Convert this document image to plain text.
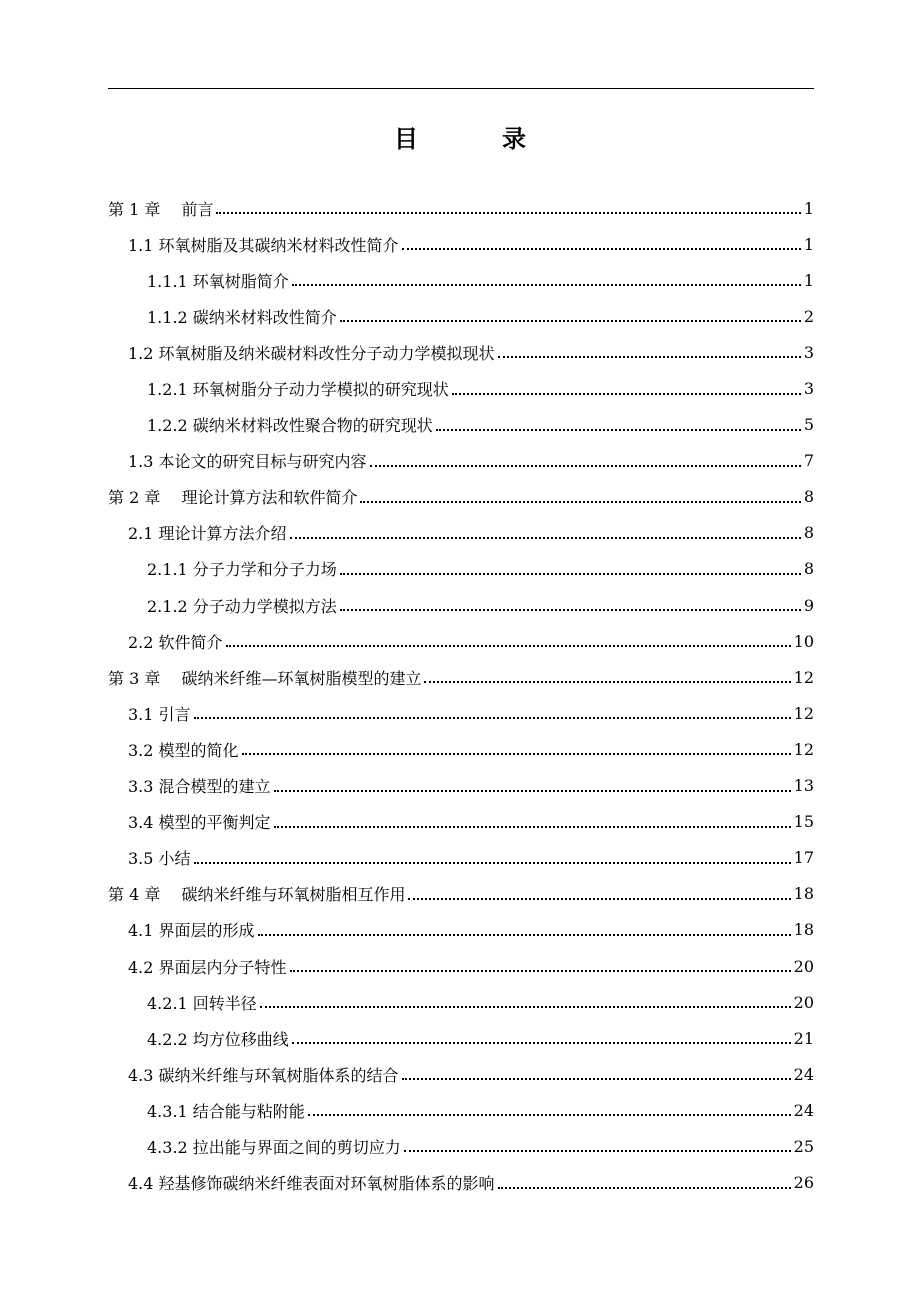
目　录
第 1 章　 前言	1
1.1 环氧树脂及其碳纳米材料改性简介	1
1.1.1 环氧树脂简介	1
1.1.2 碳纳米材料改性简介	2
1.2 环氧树脂及纳米碳材料改性分子动力学模拟现状	3
1.2.1 环氧树脂分子动力学模拟的研究现状	3
1.2.2 碳纳米材料改性聚合物的研究现状	5
1.3 本论文的研究目标与研究内容	7
第 2 章　 理论计算方法和软件简介	8
2.1 理论计算方法介绍	8
2.1.1 分子力学和分子力场	8
2.1.2 分子动力学模拟方法	9
2.2 软件简介	10
第 3 章　 碳纳米纤维—环氧树脂模型的建立	12
3.1 引言	12
3.2 模型的简化	12
3.3 混合模型的建立	13
3.4 模型的平衡判定	15
3.5 小结	17
第 4 章　 碳纳米纤维与环氧树脂相互作用	18
4.1 界面层的形成	18
4.2 界面层内分子特性	20
4.2.1 回转半径	20
4.2.2 均方位移曲线	21
4.3 碳纳米纤维与环氧树脂体系的结合	24
4.3.1 结合能与粘附能	24
4.3.2 拉出能与界面之间的剪切应力	25
4.4 羟基修饰碳纳米纤维表面对环氧树脂体系的影响	26
